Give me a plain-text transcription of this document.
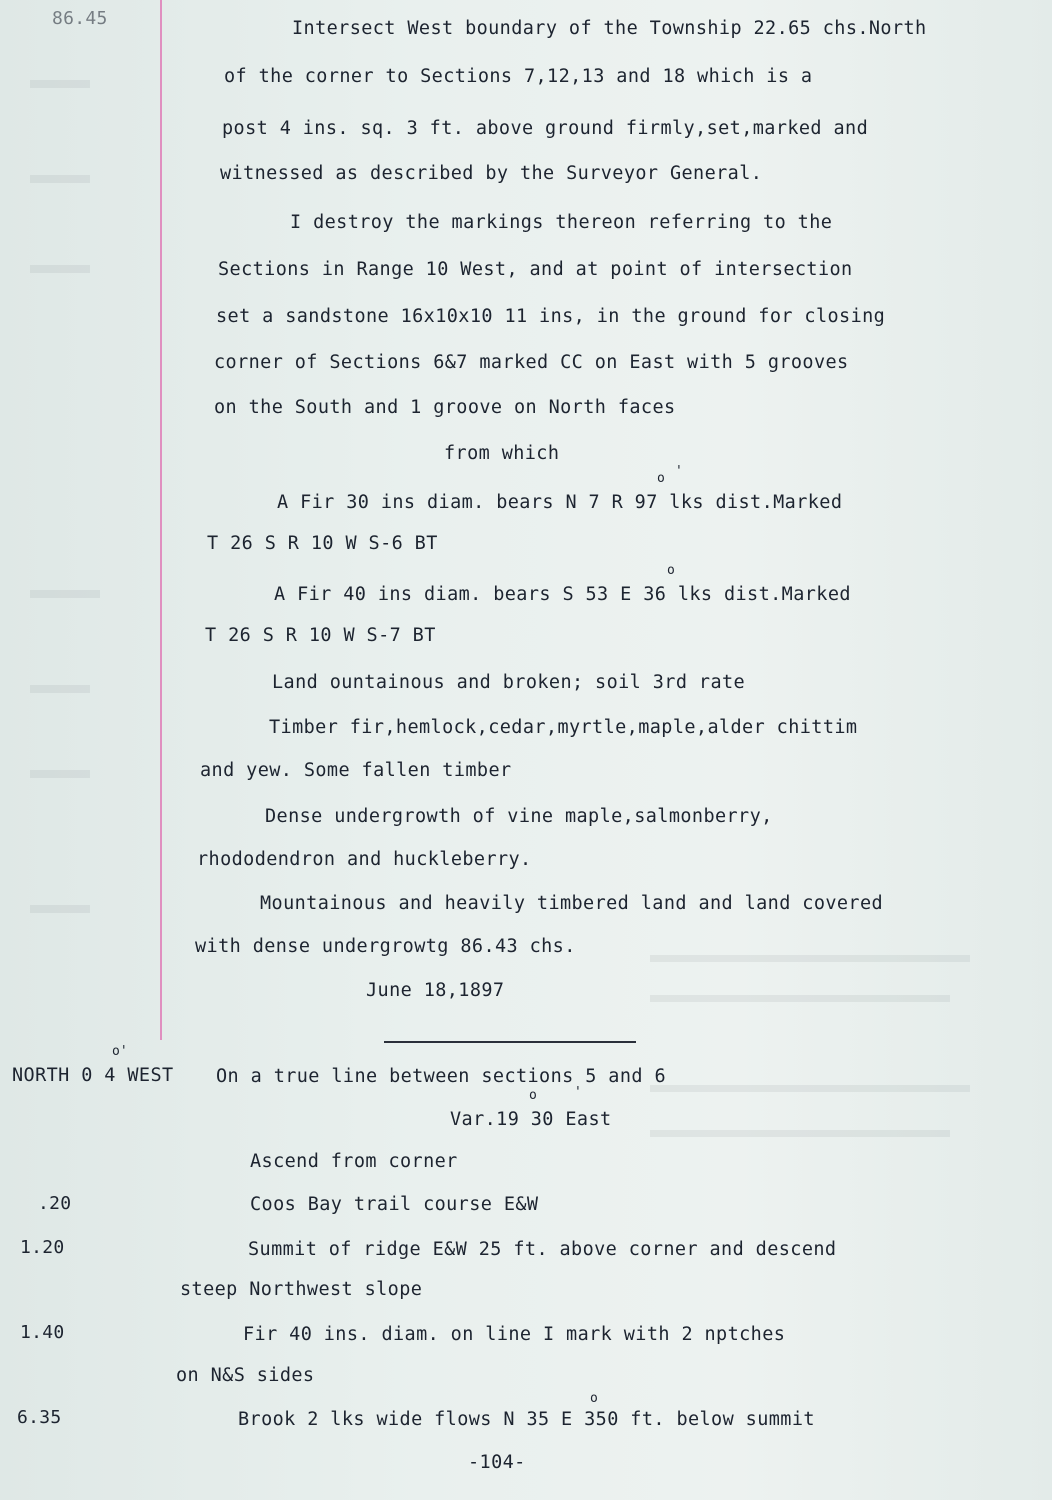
86.45	Intersect West boundary of the Township 22.65 chs.North
of the corner to Sections 7,12,13 and 18 which is a
post 4 ins. sq. 3 ft. above ground firmly,set,marked and
witnessed as described by the Surveyor General.
I destroy the markings thereon referring to the
Sections in Range 10 West, and at point of intersection
set a sandstone 16x10x10 11 ins, in the ground for closing
corner of Sections 6&7 marked CC on East with 5 grooves
on the South and 1 groove on North faces
from which
o '
A Fir 30 ins diam. bears N 7 R 97 lks dist.Marked
T 26 S R 10 W S-6 BT
o
A Fir 40 ins diam. bears S 53 E 36 lks dist.Marked
T 26 S R 10 W S-7 BT
Land ountainous and broken; soil 3rd rate
Timber fir,hemlock,cedar,myrtle,maple,alder chittim
and yew. Some fallen timber
Dense undergrowth of vine maple,salmonberry,
rhododendron and huckleberry.
Mountainous and heavily timbered land and land covered
with dense undergrowtg 86.43 chs.
June 18,1897
o'
NORTH 0 4 WEST On a true line between sections 5 and 6
o	'
Var.19 30 East
Ascend from corner
.20	Coos Bay trail course E&W
1.20	Summit of ridge E&W 25 ft. above corner and descend
steep Northwest slope
1.40	Fir 40 ins. diam. on line I mark with 2 nptches
on N&S sides
o
6.35	Brook 2 lks wide flows N 35 E 350 ft. below summit
-104-
